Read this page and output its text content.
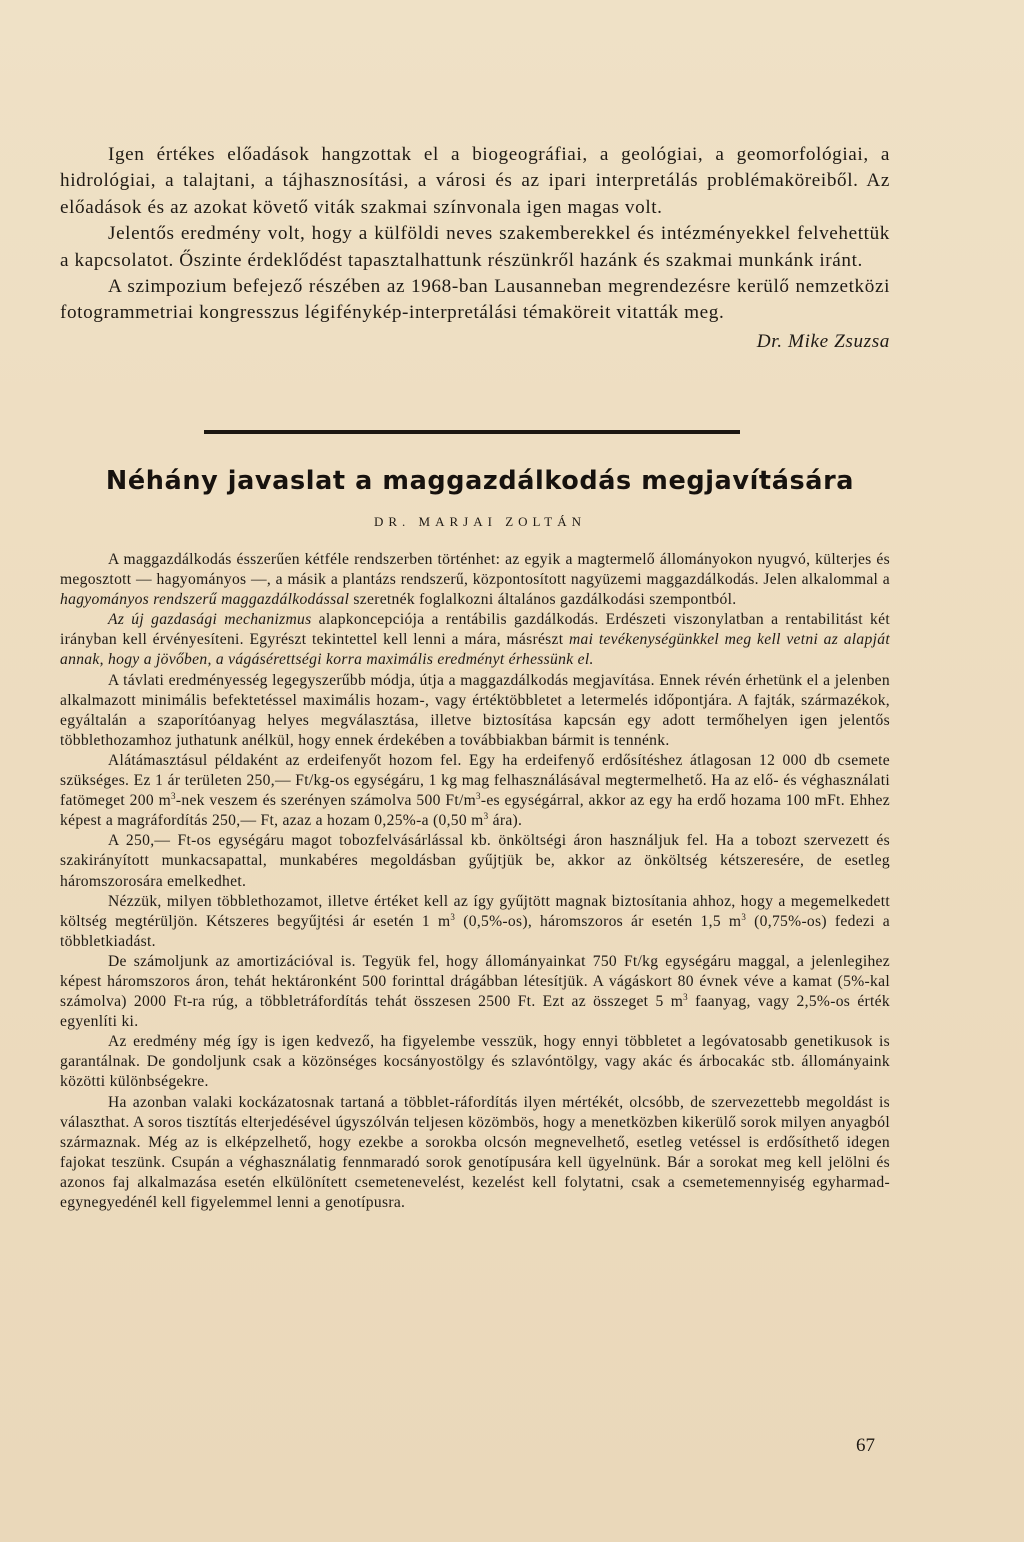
Igen értékes előadások hangzottak el a biogeográfiai, a geológiai, a geomorfológiai, a hidrológiai, a talajtani, a tájhasznosítási, a városi és az ipari interpretálás problémaköreiből. Az előadások és az azokat követő viták szakmai színvonala igen magas volt.

Jelentős eredmény volt, hogy a külföldi neves szakemberekkel és intézményekkel felvehettük a kapcsolatot. Őszinte érdeklődést tapasztalhattunk részünkről hazánk és szakmai munkánk iránt.

A szimpozium befejező részében az 1968-ban Lausanneban megrendezésre kerülő nemzetközi fotogrammetriai kongresszus légifénykép-interpretálási témaköreit vitatták meg.

Dr. Mike Zsuzsa
Néhány javaslat a maggazdálkodás megjavítására
DR. MARJAI ZOLTÁN

A maggazdálkodás ésszerűen kétféle rendszerben történhet: az egyik a magtermelő állományokon nyugvó, külterjes és megosztott — hagyományos —, a másik a plantázs rendszerű, központosított nagyüzemi maggazdálkodás. Jelen alkalommal a hagyományos rendszerű maggazdálkodással szeretnék foglalkozni általános gazdálkodási szempontból.

Az új gazdasági mechanizmus alapkoncepciója a rentábilis gazdálkodás. Erdészeti viszonylatban a rentabilitást két irányban kell érvényesíteni. Egyrészt tekintettel kell lenni a mára, másrészt mai tevékenységünkkel meg kell vetni az alapját annak, hogy a jövőben, a vágásérettségi korra maximális eredményt érhessünk el.

A távlati eredményesség legegyszerűbb módja, útja a maggazdálkodás megjavítása. Ennek révén érhetünk el a jelenben alkalmazott minimális befektetéssel maximális hozam-, vagy értéktöbbletet a letermelés időpontjára. A fajták, származékok, egyáltalán a szaporítóanyag helyes megválasztása, illetve biztosítása kapcsán egy adott termőhelyen igen jelentős többlethozamhoz juthatunk anélkül, hogy ennek érdekében a továbbiakban bármit is tennénk.

Alátámasztásul példaként az erdeifenyőt hozom fel. Egy ha erdeifenyő erdősítéshez átlagosan 12 000 db csemete szükséges. Ez 1 ár területen 250,— Ft/kg-os egységáru, 1 kg mag felhasználásával megtermelhető. Ha az elő- és véghasználati fatömeget 200 $m^3$-nek veszem és szerényen számolva 500 $Ft/m^3-es$ egységárral, akkor az egy ha erdő hozama 100 mFt. Ehhez képest a magráfordítás 250,— Ft, azaz a hozam 0,25%-a (0,50 $m^3$ ára).

A 250,— Ft-os egységáru magot tobozfelvásárlással kb. önköltségi áron használjuk fel. Ha a tobozt szervezett és szakirányított munkacsapattal, munkabéres megoldásban gyűjtjük be, akkor az önköltség kétszeresére, de esetleg háromszorosára emelkedhet.

Nézzük, milyen többlethozamot, illetve értéket kell az így gyűjtött magnak biztosítania ahhoz, hogy a megemelkedett költség megtérüljön. Kétszeres begyűjtési ár esetén 1 $m^3$ (0,5%-os), háromszoros ár esetén 1,5 $m^3$ (0,75%-os) fedezi a többletkiadást.

De számoljunk az amortizációval is. Tegyük fel, hogy állományainkat 750 Ft/kg egységáru maggal, a jelenlegihez képest háromszoros áron, tehát hektáronként 500 forinttal drágábban létesítjük. A vágáskort 80 évnek véve a kamat (5%-kal számolva) 2000 Ft-ra rúg, a többletráfordítás tehát összesen 2500 Ft. Ezt az összeget 5 $m^3$ faanyag, vagy 2,5%-os érték egyenlíti ki.

Az eredmény még így is igen kedvező, ha figyelembe vesszük, hogy ennyi többletet a legóvatosabb genetikusok is garantálnak. De gondoljunk csak a közönséges kocsányostölgy és szlavóntölgy, vagy akác és árbocakác stb. állományaink közötti különbségekre.

Ha azonban valaki kockázatosnak tartaná a többlet-ráfordítás ilyen mértékét, olcsóbb, de szervezettebb megoldást is választhat. A soros tisztítás elterjedésével úgyszólván teljesen közömbös, hogy a menetközben kikerülő sorok milyen anyagból származnak. Még az is elképzelhető, hogy ezekbe a sorokba olcsón megnevelhető, esetleg vetéssel is erdősíthető idegen fajokat teszünk. Csupán a véghasználatig fennmaradó sorok genotípusára kell ügyelnünk. Bár a sorokat meg kell jelölni és azonos faj alkalmazása esetén elkülönített csemetenevelést, kezelést kell folytatni, csak a csemetemennyiség egyharmad-egynegyedénél kell figyelemmel lenni a genotípusra.

67
